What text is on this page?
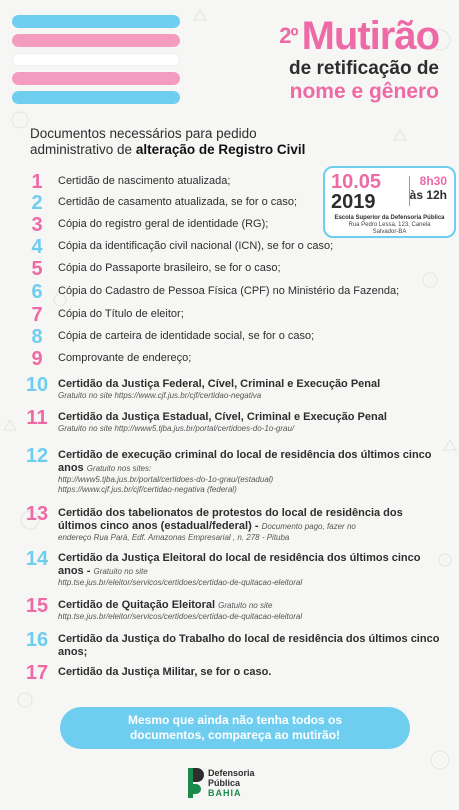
$^{2º}$ Mutirão
de retificação de
nome e gênero
Documentos necessários para pedido
administrativo de alteração de Registro Civil
10.05
2019
8h30
às 12h
Escola Superior da Defensoria Pública
Rua Pedro Lessa, 123, Canela
Salvador-BA
1	Certidão de nascimento atualizada;
2	Certidão de casamento atualizada, se for o caso;
3	Cópia do registro geral de identidade (RG);
4	Cópia da identificação civil nacional (ICN), se for o caso;
5	Cópia do Passaporte brasileiro, se for o caso;
6	Cópia do Cadastro de Pessoa Física (CPF) no Ministério da Fazenda;
7	Cópia do Título de eleitor;
8	Cópia de carteira de identidade social, se for o caso;
9	Comprovante de endereço;
10 Certidão da Justiça Federal, Cível, Criminal e Execução Penal
Gratuito no site https://www.cjf.jus.br/cjf/certidao-negativa
11 Certidão da Justiça Estadual, Cível, Criminal e Execução Penal
Gratuito no site http://www5.tjba.jus.br/portal/certidoes-do-1o-grau/
12 Certidão de execução criminal do local de residência dos últimos cinco anos Gratuito nos sites:
http://www5.tjba.jus.br/portal/certidoes-do-1o-grau/(estadual)
https://www.cjf.jus.br/cjf/certidao-negativa (federal)
13 Certidão dos tabelionatos de protestos do local de residência dos últimos cinco anos (estadual/federal) - Documento pago, fazer no
endereço Rua Pará, Edf. Amazonas Empresarial , n. 278 - Pituba
14 Certidão da Justiça Eleitoral do local de residência dos últimos cinco anos - Gratuito no site
http.tse.jus.br/eleitor/servicos/certidoes/certidao-de-quitacao-eleitoral
15 Certidão de Quitação Eleitoral Gratuito no site
http.tse.jus.br/eleitor/servicos/certidoes/certidao-de-quitacao-eleitoral
16 Certidão da Justiça do Trabalho do local de residência dos últimos cinco anos;
17 Certidão da Justiça Militar, se for o caso.
Mesmo que ainda não tenha todos os
documentos, compareça ao mutirão!
Defensoria
Pública
BAHIA
